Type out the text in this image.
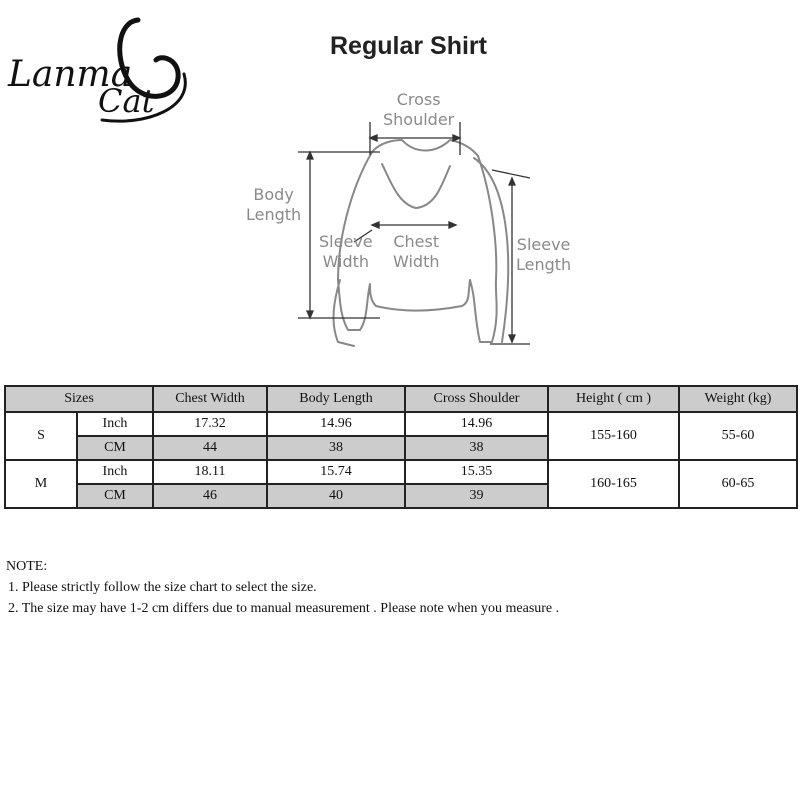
Lanma
Cat
Regular Shirt
Cross
Shoulder
Body
Length
Sleeve
Width
Chest
Width
Sleeve
Length
Sizes		Chest Width	Body Length	Cross Shoulder	Height ( cm )	Weight (kg)
S	Inch	17.32	14.96	14.96	155-160	55-60
	CM	44	38	38		
M	Inch	18.11	15.74	15.35	160-165	60-65
	CM	46	40	39		
NOTE:
1. Please strictly follow the size chart to select the size.
2. The size may have 1-2 cm differs due to manual measurement . Please note when you measure .
